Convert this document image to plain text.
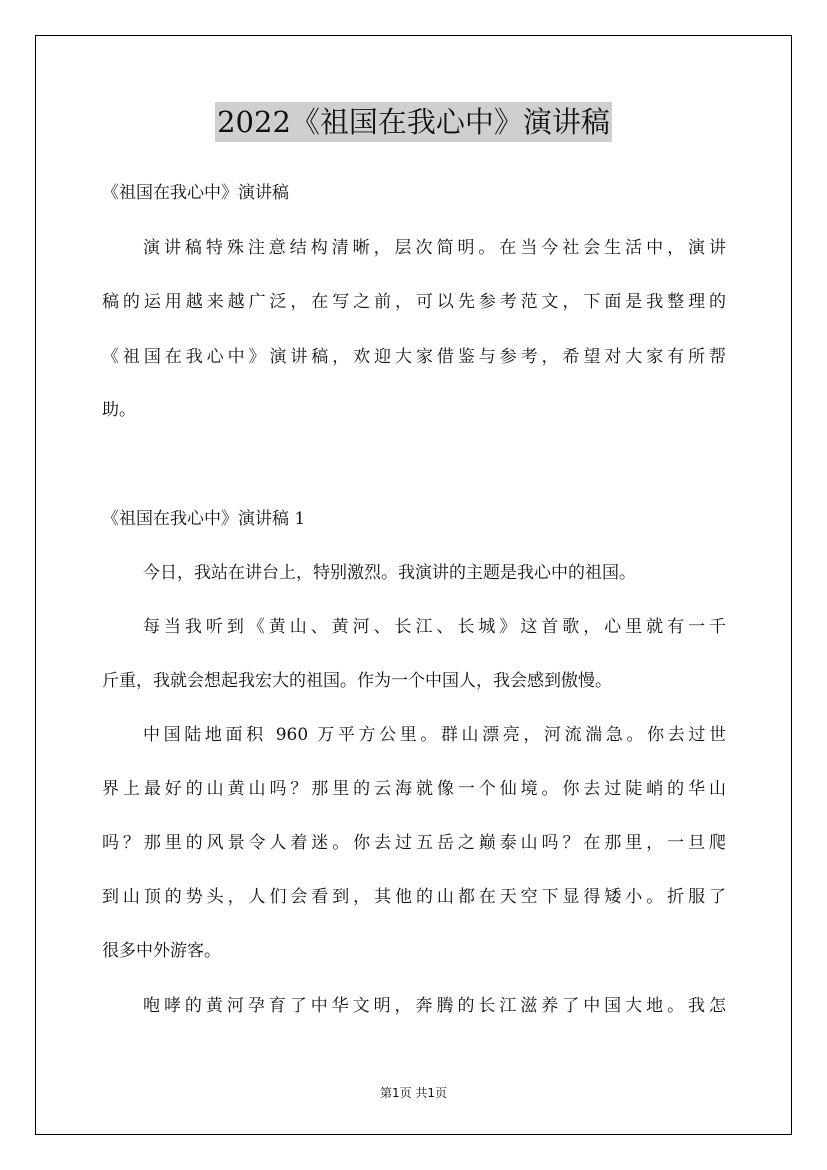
2022《祖国在我心中》演讲稿
《祖国在我心中》演讲稿
演讲稿特殊注意结构清晰，层次简明。在当今社会生活中，演讲
稿的运用越来越广泛，在写之前，可以先参考范文，下面是我整理的
《祖国在我心中》演讲稿，欢迎大家借鉴与参考，希望对大家有所帮
助。
《祖国在我心中》演讲稿 1
今日，我站在讲台上，特别激烈。我演讲的主题是我心中的祖国。
每当我听到《黄山、黄河、长江、长城》这首歌，心里就有一千
斤重，我就会想起我宏大的祖国。作为一个中国人，我会感到傲慢。
中国陆地面积 960 万平方公里。群山漂亮，河流湍急。你去过世
界上最好的山黄山吗？那里的云海就像一个仙境。你去过陡峭的华山
吗？那里的风景令人着迷。你去过五岳之巅泰山吗？在那里，一旦爬
到山顶的势头，人们会看到，其他的山都在天空下显得矮小。折服了
很多中外游客。
咆哮的黄河孕育了中华文明，奔腾的长江滋养了中国大地。我怎
第1页 共1页
